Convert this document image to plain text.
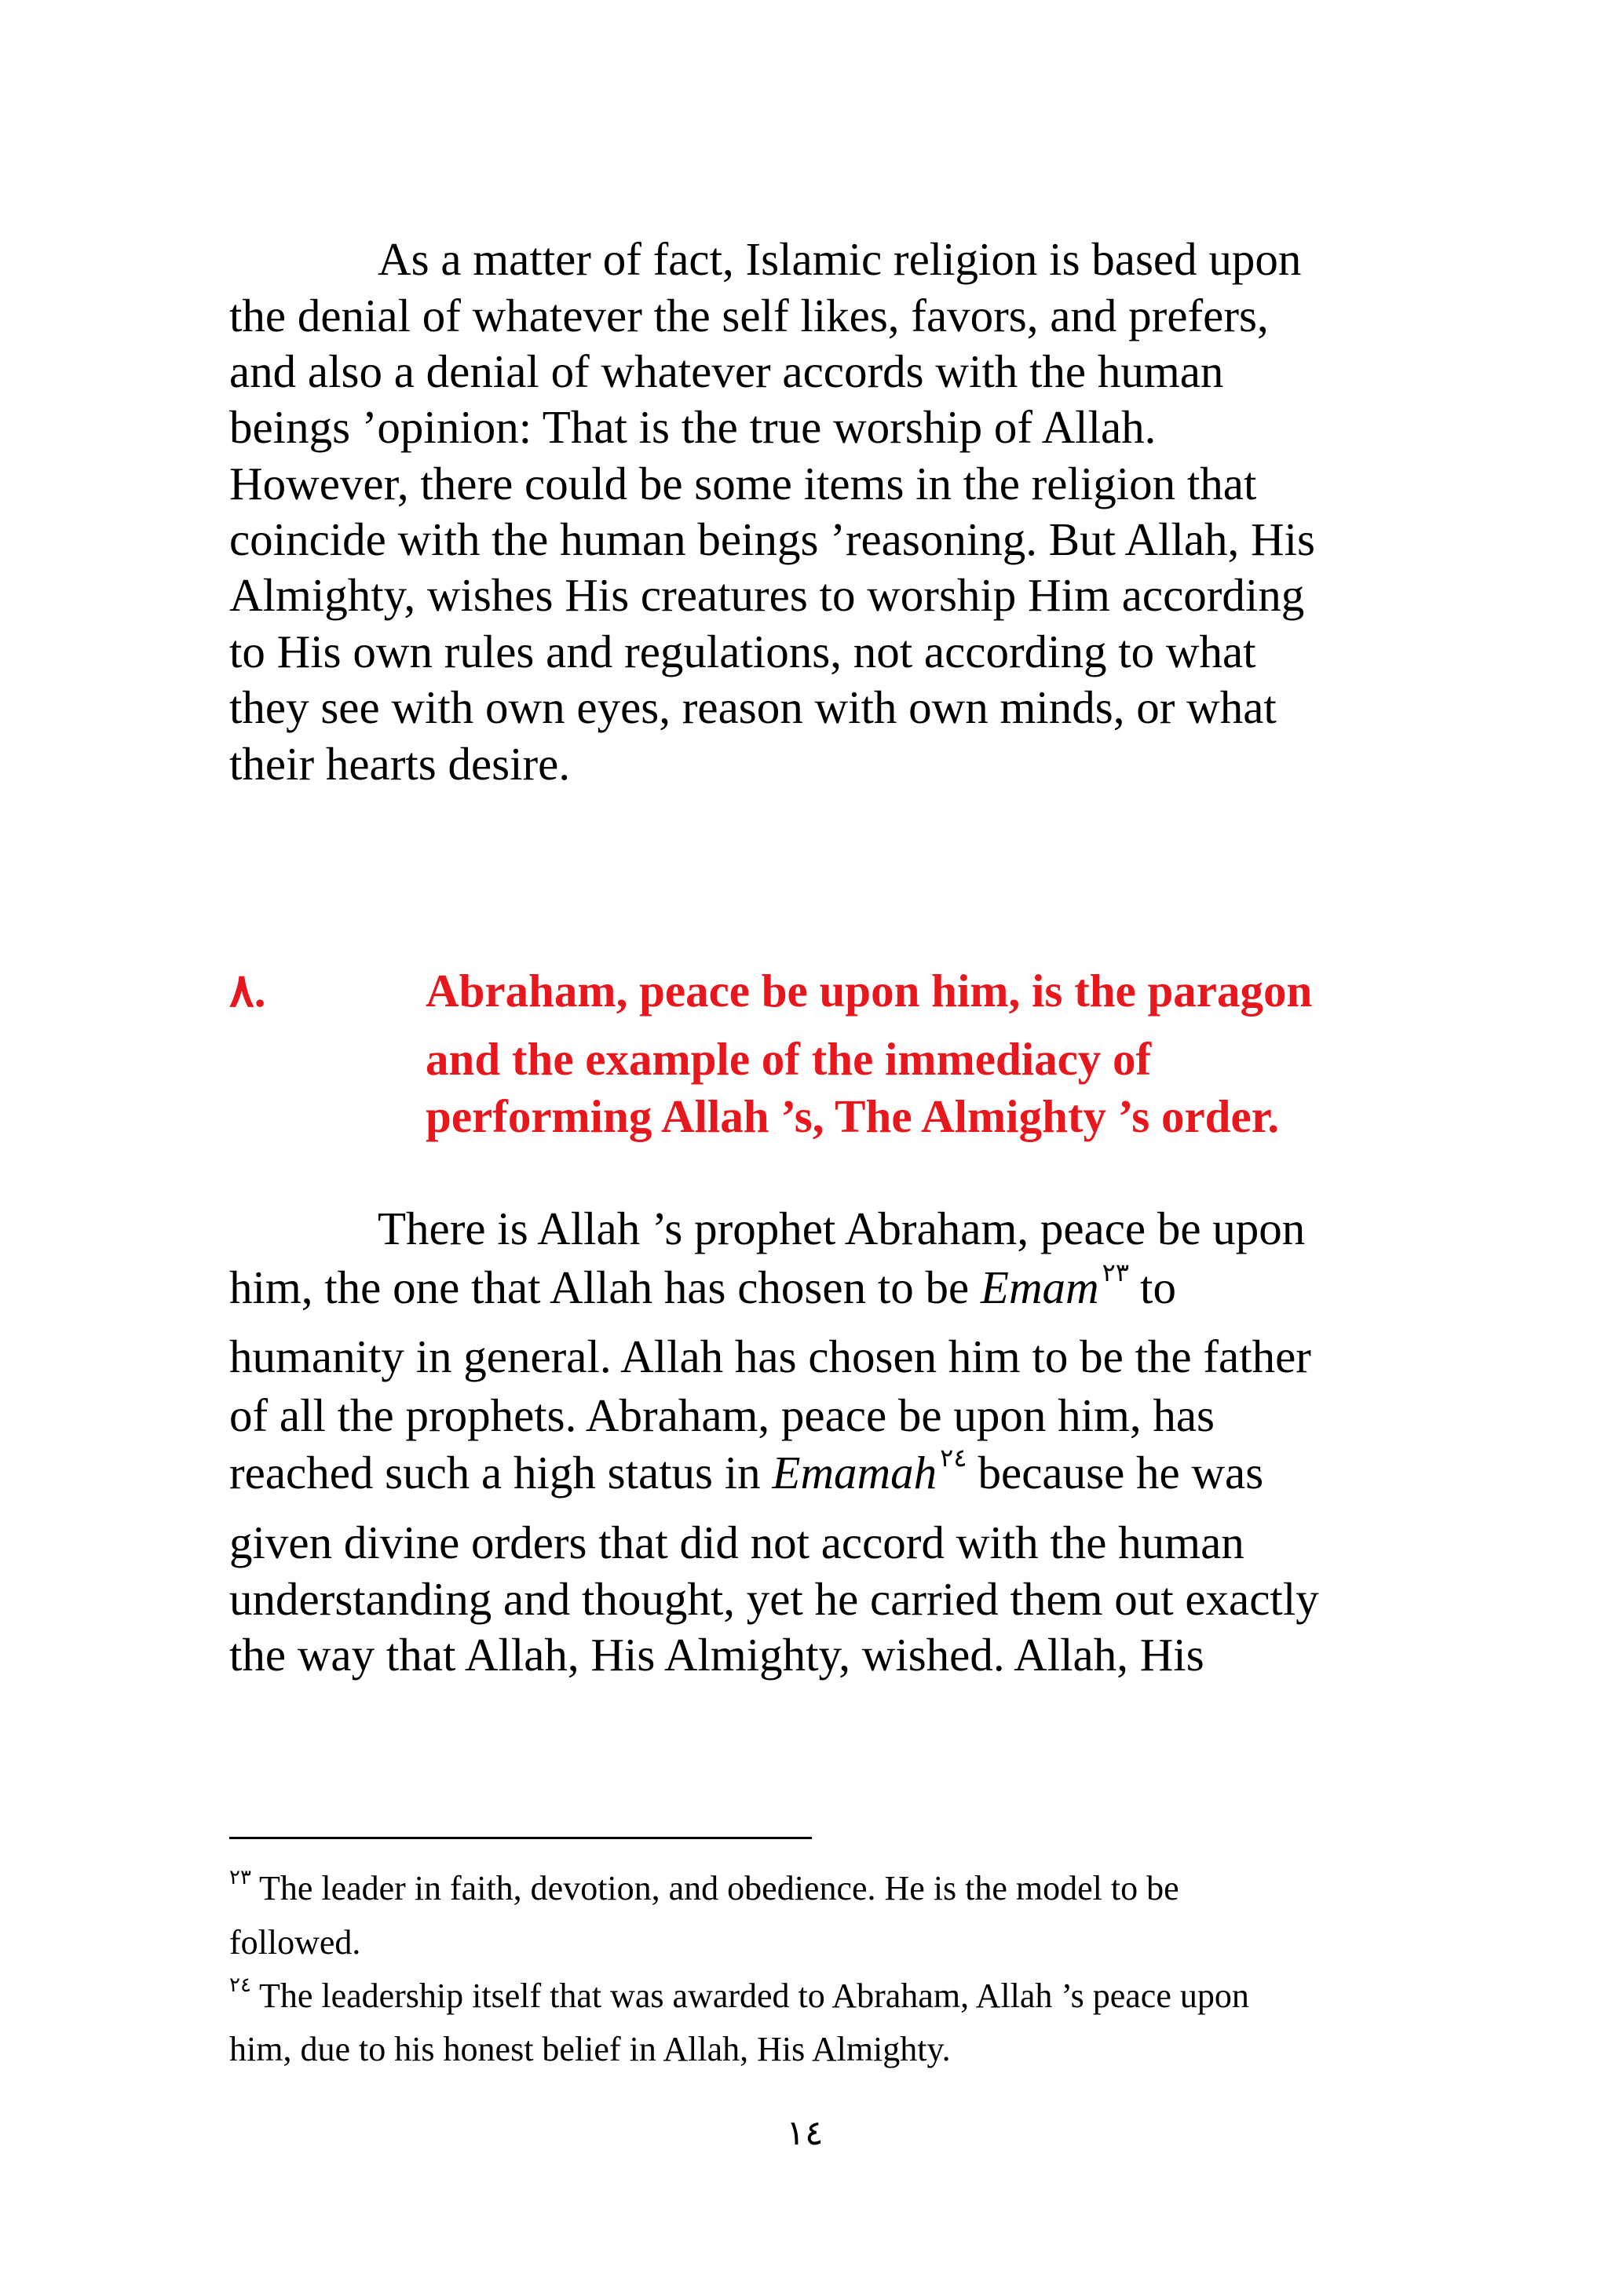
As a matter of fact, Islamic religion is based upon
the denial of whatever the self likes, favors, and prefers,
and also a denial of whatever accords with the human
beings ’opinion: That is the true worship of Allah.
However, there could be some items in the religion that
coincide with the human beings ’reasoning. But Allah, His
Almighty, wishes His creatures to worship Him according
to His own rules and regulations, not according to what
they see with own eyes, reason with own minds, or what
their hearts desire.
٨.	Abraham, peace be upon him, is the paragon
and the example of the immediacy of
performing Allah ’s, The Almighty ’s order.
There is Allah ’s prophet Abraham, peace be upon
him, the one that Allah has chosen to be Emam $^{٢٣}$ to
humanity in general. Allah has chosen him to be the father
of all the prophets. Abraham, peace be upon him, has
reached such a high status in Emamah $^{٢٤}$ because he was
given divine orders that did not accord with the human
understanding and thought, yet he carried them out exactly
the way that Allah, His Almighty, wished. Allah, His
$^{٢٣}$ The leader in faith, devotion, and obedience. He is the model to be
followed.
$^{٢٤}$ The leadership itself that was awarded to Abraham, Allah ’s peace upon
him, due to his honest belief in Allah, His Almighty.
١٤
